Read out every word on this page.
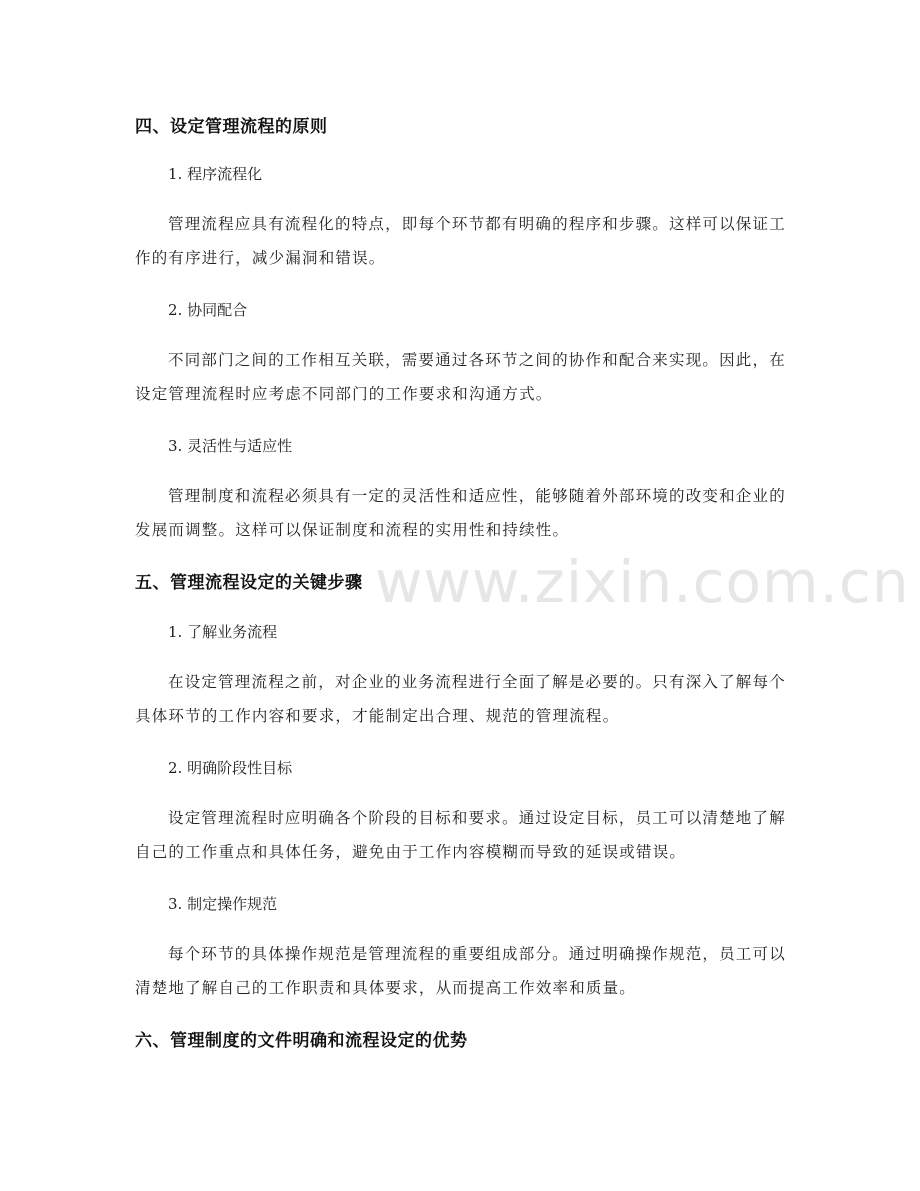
www.zixin.com.cn
四、设定管理流程的原则
1. 程序流程化
管理流程应具有流程化的特点，即每个环节都有明确的程序和步骤。这样可以保证工作的有序进行，减少漏洞和错误。
2. 协同配合
不同部门之间的工作相互关联，需要通过各环节之间的协作和配合来实现。因此，在设定管理流程时应考虑不同部门的工作要求和沟通方式。
3. 灵活性与适应性
管理制度和流程必须具有一定的灵活性和适应性，能够随着外部环境的改变和企业的发展而调整。这样可以保证制度和流程的实用性和持续性。
五、管理流程设定的关键步骤
1. 了解业务流程
在设定管理流程之前，对企业的业务流程进行全面了解是必要的。只有深入了解每个具体环节的工作内容和要求，才能制定出合理、规范的管理流程。
2. 明确阶段性目标
设定管理流程时应明确各个阶段的目标和要求。通过设定目标，员工可以清楚地了解自己的工作重点和具体任务，避免由于工作内容模糊而导致的延误或错误。
3. 制定操作规范
每个环节的具体操作规范是管理流程的重要组成部分。通过明确操作规范，员工可以清楚地了解自己的工作职责和具体要求，从而提高工作效率和质量。
六、管理制度的文件明确和流程设定的优势
